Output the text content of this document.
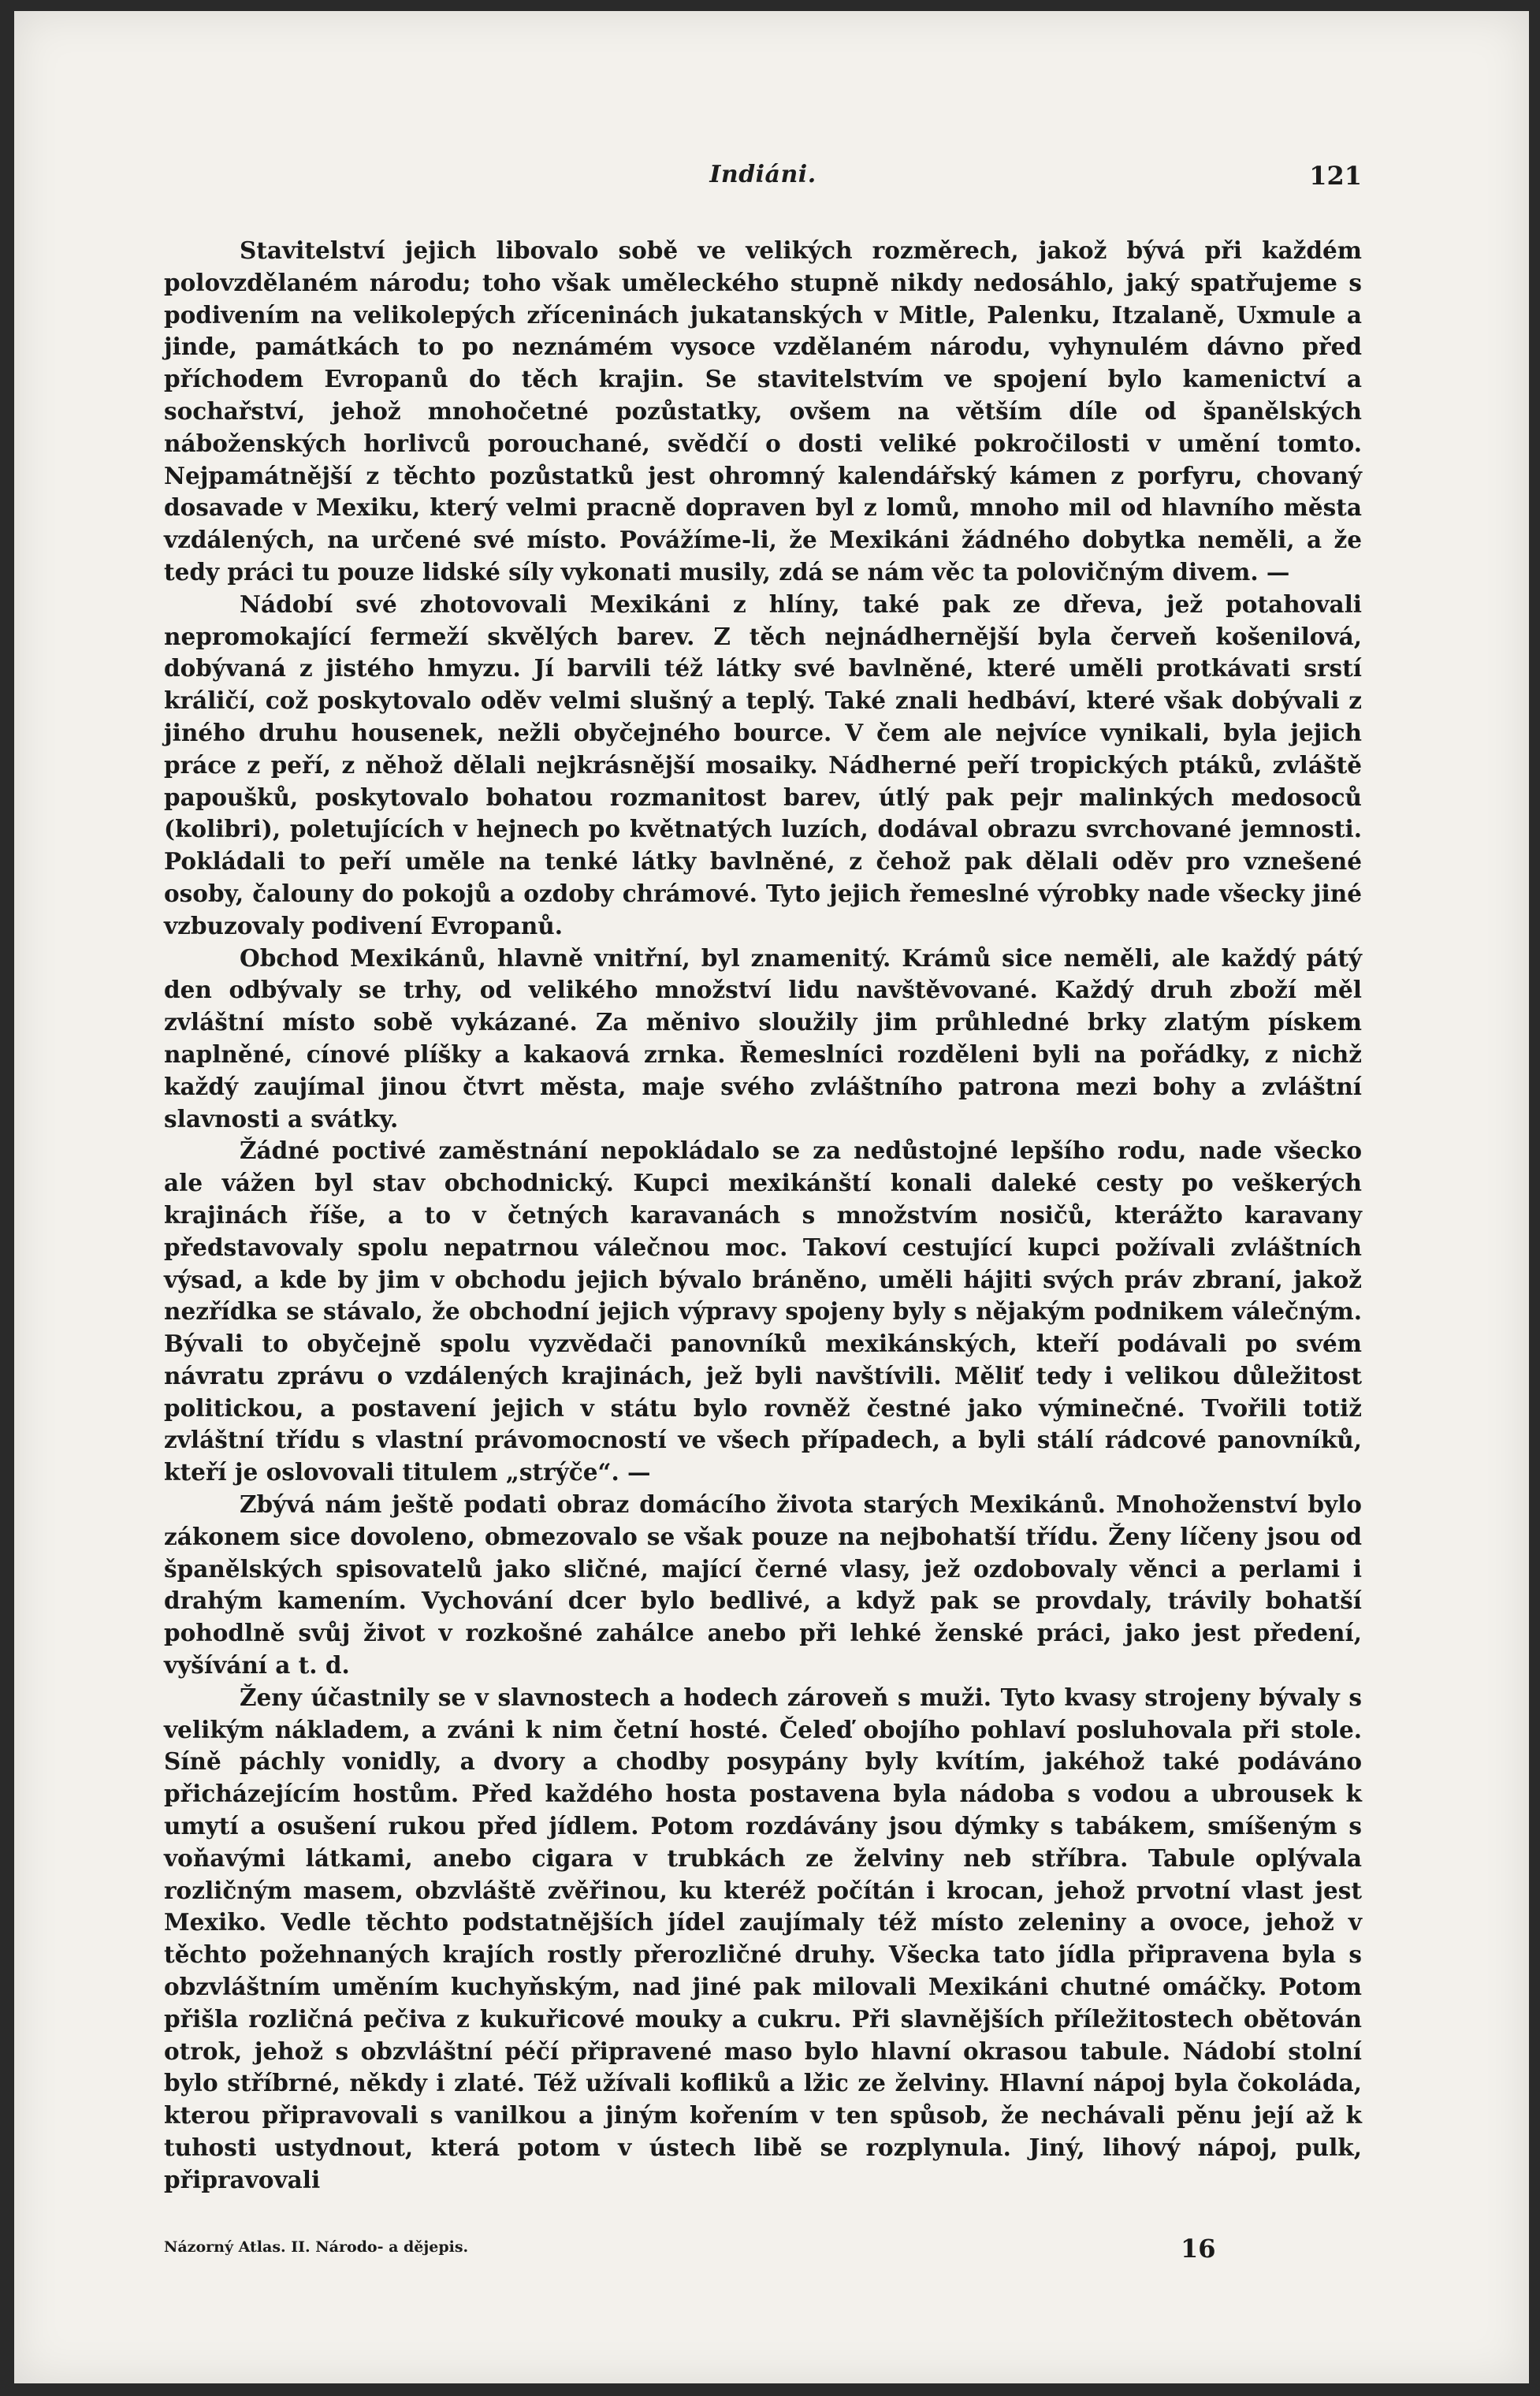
Indiáni.	121

Stavitelství jejich libovalo sobě ve velikých rozměrech, jakož bývá při každém polovzdělaném národu; toho však uměleckého stupně nikdy nedosáhlo, jaký spatřujeme s podivením na velikolepých zříceninách jukatanských v Mitle, Palenku, Itzalaně, Uxmule a jinde, památkách to po neznámém vysoce vzdělaném národu, vyhynulém dávno před příchodem Evropanů do těch krajin. Se stavitelstvím ve spojení bylo kamenictví a sochařství, jehož mnohočetné pozůstatky, ovšem na větším díle od španělských náboženských horlivců porouchané, svědčí o dosti veliké pokročilosti v umění tomto. Nejpamátnější z těchto pozůstatků jest ohromný kalendářský kámen z porfyru, chovaný dosavade v Mexiku, který velmi pracně dopraven byl z lomů, mnoho mil od hlavního města vzdálených, na určené své místo. Povážíme-li, že Mexikáni žádného dobytka neměli, a že tedy práci tu pouze lidské síly vykonati musily, zdá se nám věc ta polovičným divem. —

Nádobí své zhotovovali Mexikáni z hlíny, také pak ze dřeva, jež potahovali nepromokající fermeží skvělých barev. Z těch nejnádhernější byla červeň košenilová, dobývaná z jistého hmyzu. Jí barvili též látky své bavlněné, které uměli protkávati srstí králičí, což poskytovalo oděv velmi slušný a teplý. Také znali hedbáví, které však dobývali z jiného druhu housenek, nežli obyčejného bource. V čem ale nejvíce vynikali, byla jejich práce z peří, z něhož dělali nejkrásnější mosaiky. Nádherné peří tropických ptáků, zvláště papoušků, poskytovalo bohatou rozmanitost barev, útlý pak pejr malinkých medosoců (kolibri), poletujících v hejnech po květnatých luzích, dodával obrazu svrchované jemnosti. Pokládali to peří uměle na tenké látky bavlněné, z čehož pak dělali oděv pro vznešené osoby, čalouny do pokojů a ozdoby chrámové. Tyto jejich řemeslné výrobky nade všecky jiné vzbuzovaly podivení Evropanů.

Obchod Mexikánů, hlavně vnitřní, byl znamenitý. Krámů sice neměli, ale každý pátý den odbývaly se trhy, od velikého množství lidu navštěvované. Každý druh zboží měl zvláštní místo sobě vykázané. Za měnivo sloužily jim průhledné brky zlatým pískem naplněné, cínové plíšky a kakaová zrnka. Řemeslníci rozděleni byli na pořádky, z nichž každý zaujímal jinou čtvrt města, maje svého zvláštního patrona mezi bohy a zvláštní slavnosti a svátky.

Žádné poctivé zaměstnání nepokládalo se za nedůstojné lepšího rodu, nade všecko ale vážen byl stav obchodnický. Kupci mexikánští konali daleké cesty po veškerých krajinách říše, a to v četných karavanách s množstvím nosičů, kterážto karavany představovaly spolu nepatrnou válečnou moc. Takoví cestující kupci požívali zvláštních výsad, a kde by jim v obchodu jejich bývalo bráněno, uměli hájiti svých práv zbraní, jakož nezřídka se stávalo, že obchodní jejich výpravy spojeny byly s nějakým podnikem válečným. Bývali to obyčejně spolu vyzvědači panovníků mexikánských, kteří podávali po svém návratu zprávu o vzdálených krajinách, jež byli navštívili. Měliť tedy i velikou důležitost politickou, a postavení jejich v státu bylo rovněž čestné jako výminečné. Tvořili totiž zvláštní třídu s vlastní právomocností ve všech případech, a byli stálí rádcové panovníků, kteří je oslovovali titulem „strýče“. —

Zbývá nám ještě podati obraz domácího života starých Mexikánů. Mnohoženství bylo zákonem sice dovoleno, obmezovalo se však pouze na nejbohatší třídu. Ženy líčeny jsou od španělských spisovatelů jako sličné, mající černé vlasy, jež ozdobovaly věnci a perlami i drahým kamením. Vychování dcer bylo bedlivé, a když pak se provdaly, trávily bohatší pohodlně svůj život v rozkošné zahálce anebo při lehké ženské práci, jako jest předení, vyšívání a t. d.

Ženy účastnily se v slavnostech a hodech zároveň s muži. Tyto kvasy strojeny bývaly s velikým nákladem, a zváni k nim četní hosté. Čeleď obojího pohlaví posluhovala při stole. Síně páchly vonidly, a dvory a chodby posypány byly kvítím, jakéhož také podáváno přicházejícím hostům. Před každého hosta postavena byla nádoba s vodou a ubrousek k umytí a osušení rukou před jídlem. Potom rozdávány jsou dýmky s tabákem, smíšeným s voňavými látkami, anebo cigara v trubkách ze želviny neb stříbra. Tabule oplývala rozličným masem, obzvláště zvěřinou, ku kteréž počítán i krocan, jehož prvotní vlast jest Mexiko. Vedle těchto podstatnějších jídel zaujímaly též místo zeleniny a ovoce, jehož v těchto požehnaných krajích rostly přerozličné druhy. Všecka tato jídla připravena byla s obzvláštním uměním kuchyňským, nad jiné pak milovali Mexikáni chutné omáčky. Potom přišla rozličná pečiva z kukuřicové mouky a cukru. Při slavnějších příležitostech obětován otrok, jehož s obzvláštní péčí připravené maso bylo hlavní okrasou tabule. Nádobí stolní bylo stříbrné, někdy i zlaté. Též užívali kofliků a lžic ze želviny. Hlavní nápoj byla čokoláda, kterou připravovali s vanilkou a jiným kořením v ten spůsob, že nechávali pěnu její až k tuhosti ustydnout, která potom v ústech libě se rozplynula. Jiný, lihový nápoj, pulk, připravovali

Názorný Atlas. II. Národo- a dějepis.	16
